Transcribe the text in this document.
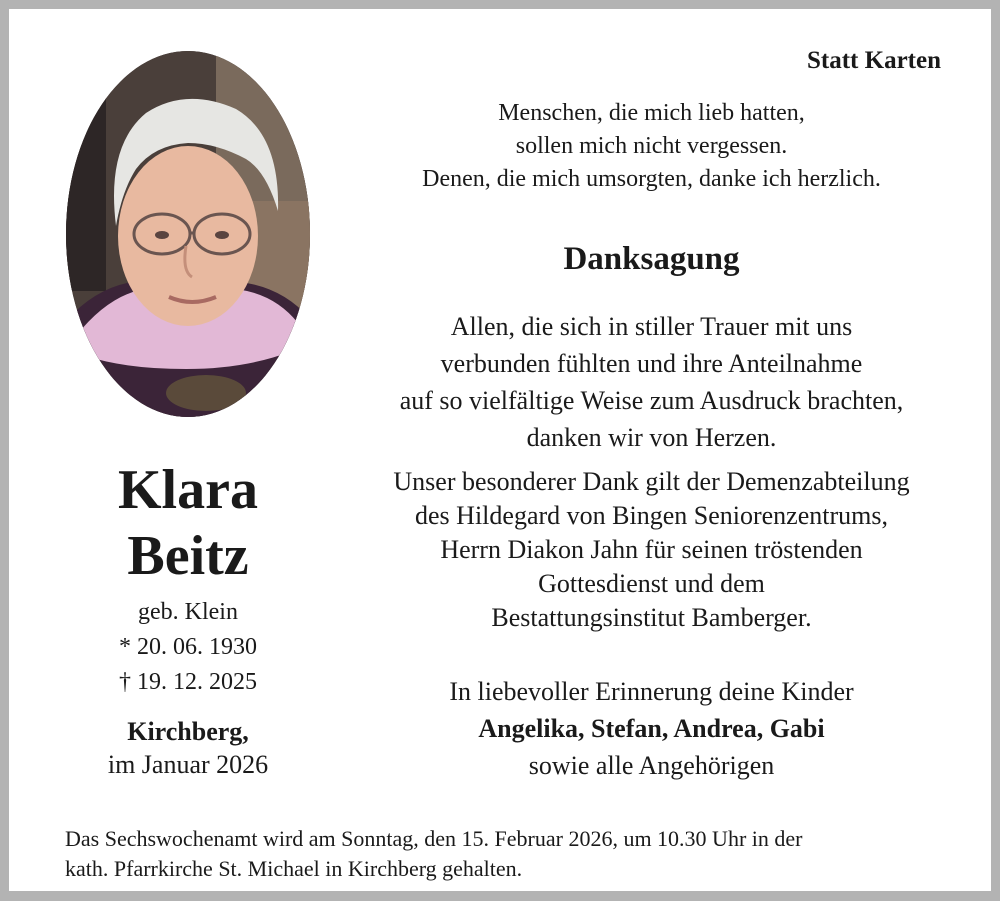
Statt Karten
Menschen, die mich lieb hatten,
sollen mich nicht vergessen.
Denen, die mich umsorgten, danke ich herzlich.
Danksagung
Allen, die sich in stiller Trauer mit uns
verbunden fühlten und ihre Anteilnahme
auf so vielfältige Weise zum Ausdruck brachten,
danken wir von Herzen.
Unser besonderer Dank gilt der Demenzabteilung
des Hildegard von Bingen Seniorenzentrums,
Herrn Diakon Jahn für seinen tröstenden
Gottesdienst und dem
Bestattungsinstitut Bamberger.
In liebevoller Erinnerung deine Kinder
Angelika, Stefan, Andrea, Gabi
sowie alle Angehörigen
Klara
Beitz
geb. Klein
* 20. 06. 1930
† 19. 12. 2025
Kirchberg,
im Januar 2026
Das Sechswochenamt wird am Sonntag, den 15. Februar 2026, um 10.30 Uhr in der
kath. Pfarrkirche St. Michael in Kirchberg gehalten.
